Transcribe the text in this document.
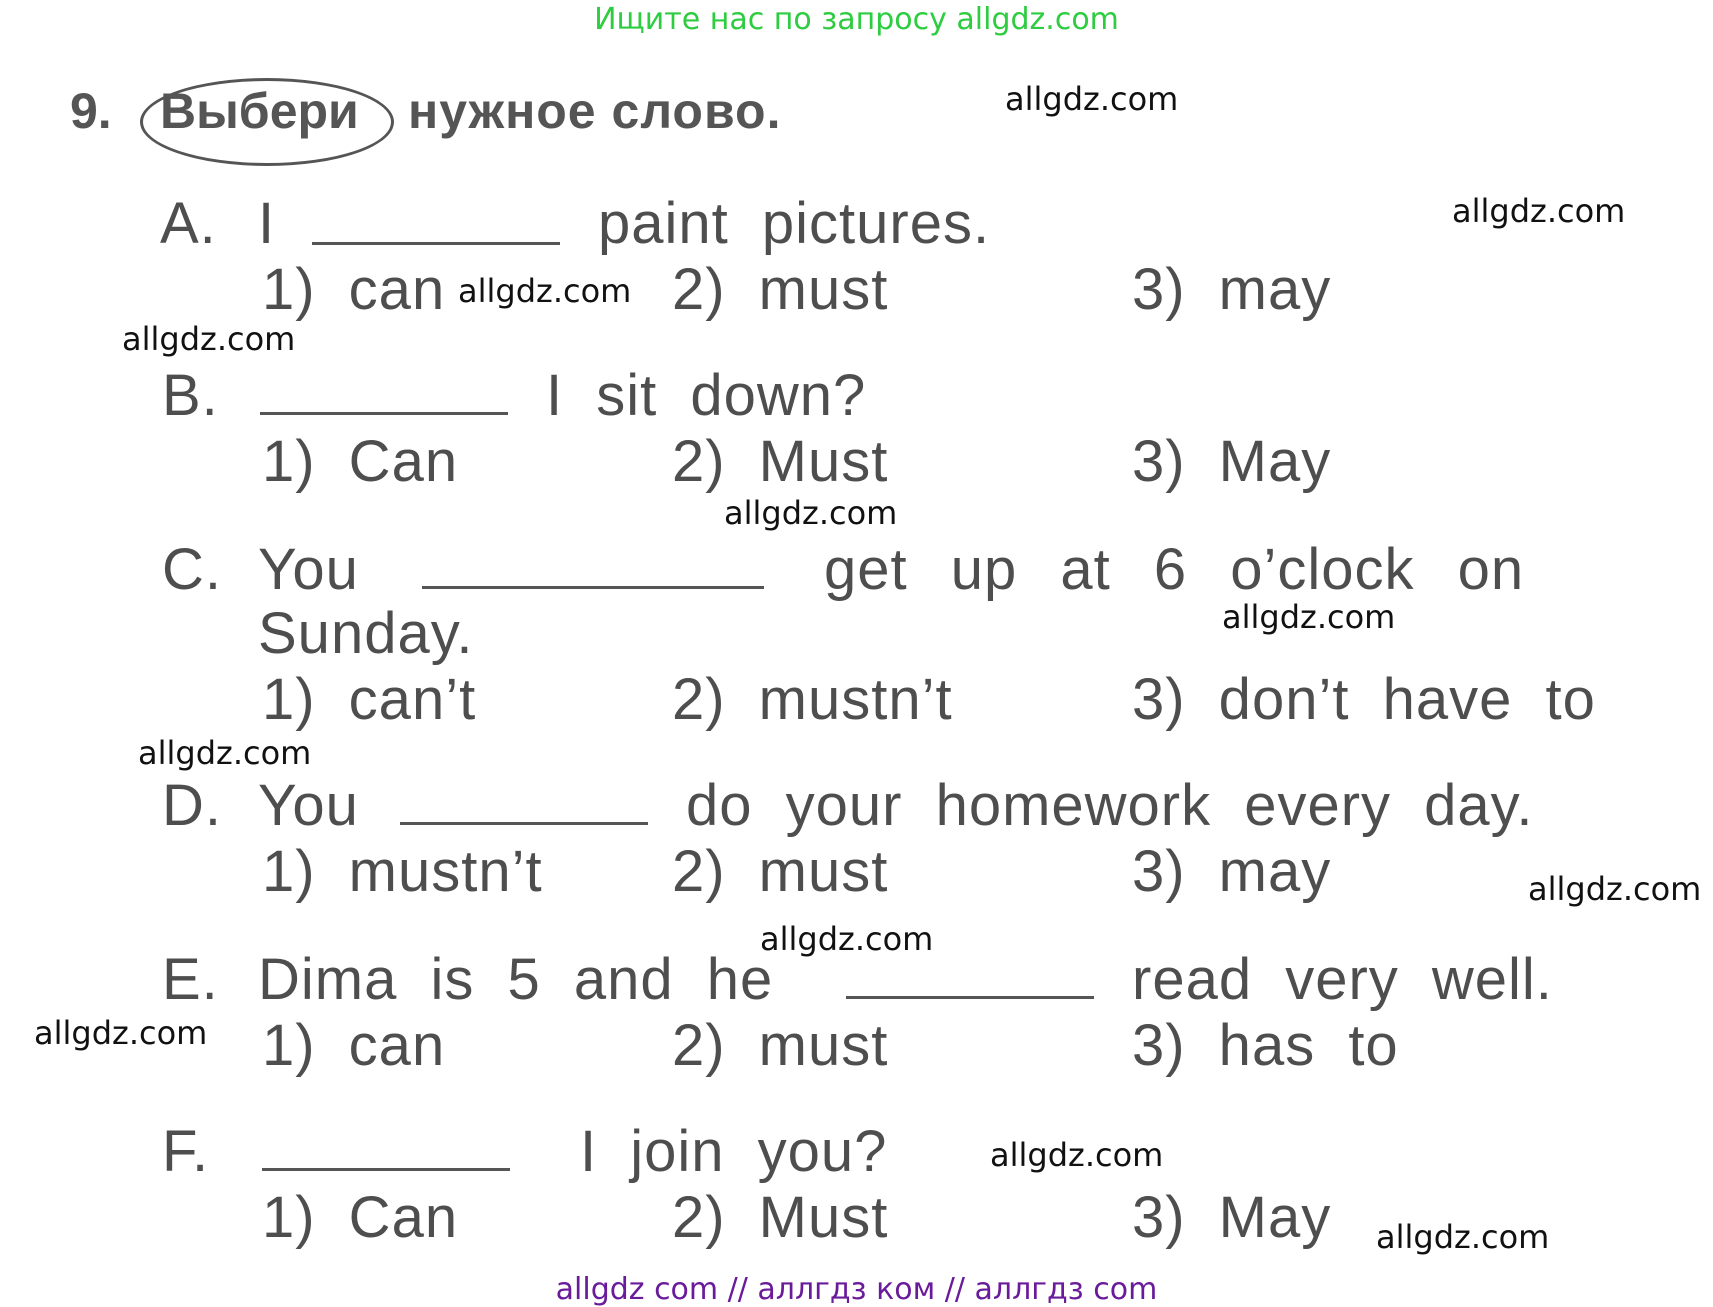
Ищите нас по запросу allgdz.com
allgdz com // аллгдз ком // аллгдз com
9. Выбери нужное слово.
A. I	paint pictures.
1) can	2) must	3) may
B.	I sit down?
1) Can	2) Must	3) May
C. You	get up at 6 o’clock on
Sunday.
1) can’t	2) mustn’t	3) don’t have to
D. You	do your homework every day.
1) mustn’t 2) must	3) may
E. Dima is 5 and he	read very well.
1) can	2) must	3) has to
F.	I join you?
1) Can	2) Must	3) May
allgdz.com
allgdz.com
allgdz.com
allgdz.com
allgdz.com
allgdz.com
allgdz.com
allgdz.com
allgdz.com
allgdz.com
allgdz.com
allgdz.com
